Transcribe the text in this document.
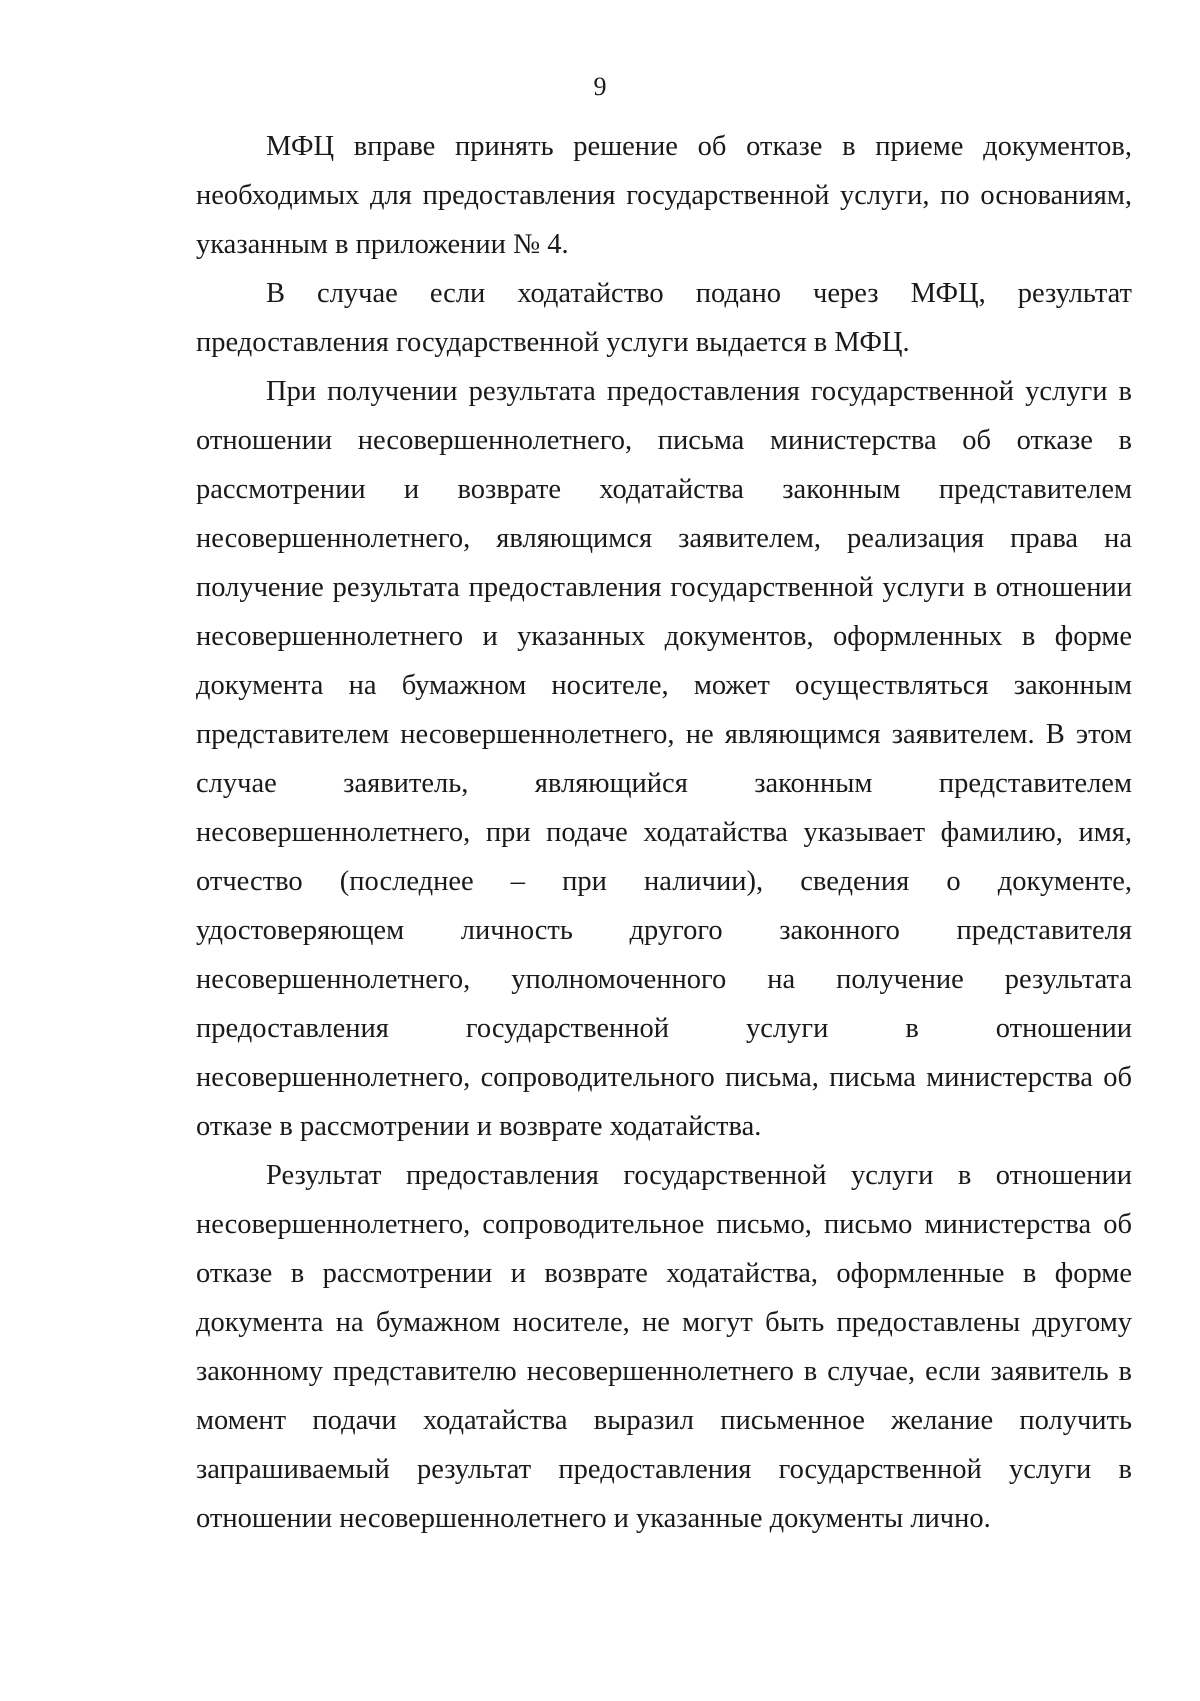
9

МФЦ вправе принять решение об отказе в приеме документов, необходимых для предоставления государственной услуги, по основаниям, указанным в приложении № 4.

В случае если ходатайство подано через МФЦ, результат предоставления государственной услуги выдается в МФЦ.

При получении результата предоставления государственной услуги в отношении несовершеннолетнего, письма министерства об отказе в рассмотрении и возврате ходатайства законным представителем несовершеннолетнего, являющимся заявителем, реализация права на получение результата предоставления государственной услуги в отношении несовершеннолетнего и указанных документов, оформленных в форме документа на бумажном носителе, может осуществляться законным представителем несовершеннолетнего, не являющимся заявителем. В этом случае заявитель, являющийся законным представителем несовершеннолетнего, при подаче ходатайства указывает фамилию, имя, отчество (последнее – при наличии), сведения о документе, удостоверяющем личность другого законного представителя несовершеннолетнего, уполномоченного на получение результата предоставления государственной услуги в отношении несовершеннолетнего, сопроводительного письма, письма министерства об отказе в рассмотрении и возврате ходатайства.

Результат предоставления государственной услуги в отношении несовершеннолетнего, сопроводительное письмо, письмо министерства об отказе в рассмотрении и возврате ходатайства, оформленные в форме документа на бумажном носителе, не могут быть предоставлены другому законному представителю несовершеннолетнего в случае, если заявитель в момент подачи ходатайства выразил письменное желание получить запрашиваемый результат предоставления государственной услуги в отношении несовершеннолетнего и указанные документы лично.
